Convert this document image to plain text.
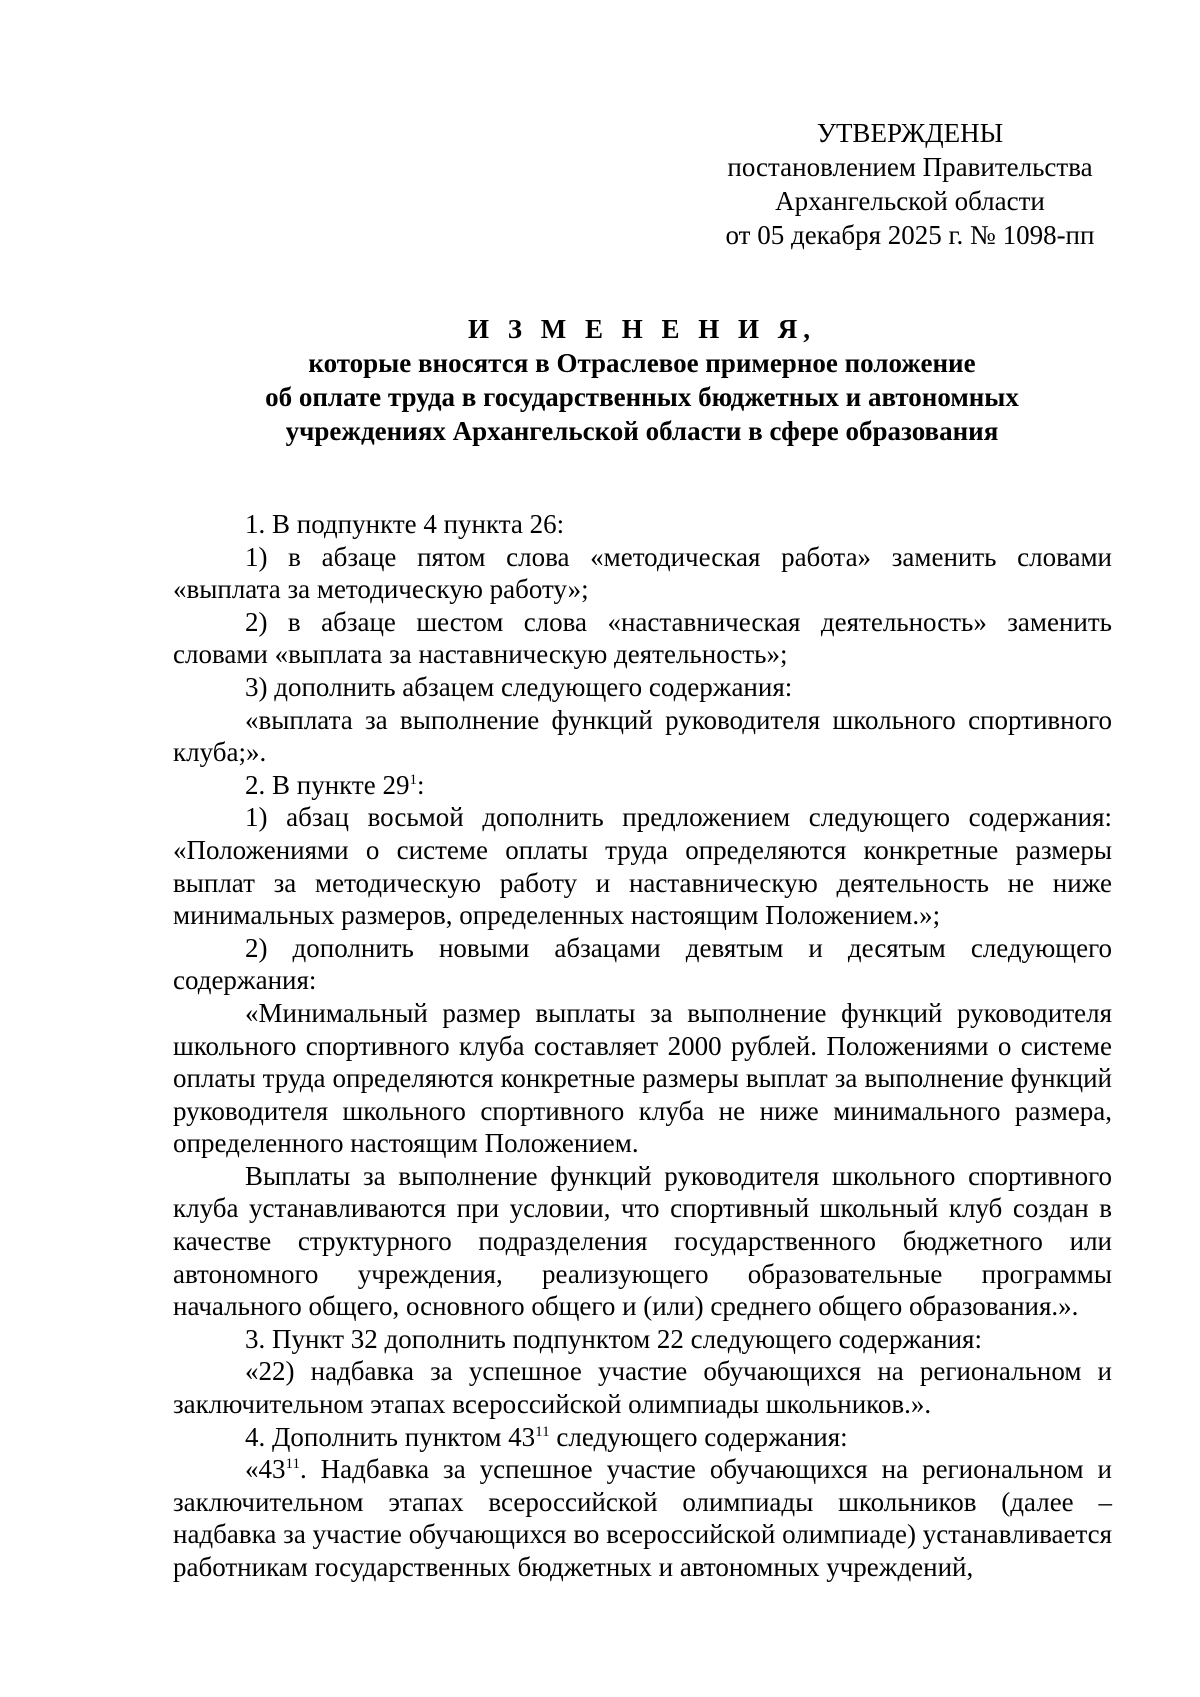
УТВЕРЖДЕНЫ
постановлением Правительства
Архангельской области
от 05 декабря 2025 г. № 1098-пп
И З М Е Н Е Н И Я,
которые вносятся в Отраслевое примерное положение
об оплате труда в государственных бюджетных и автономных
учреждениях Архангельской области в сфере образования

1. В подпункте 4 пункта 26:

1) в абзаце пятом слова «методическая работа» заменить словами «выплата за методическую работу»;

2) в абзаце шестом слова «наставническая деятельность» заменить словами «выплата за наставническую деятельность»;

3) дополнить абзацем следующего содержания:

«выплата за выполнение функций руководителя школьного спортивного клуба;».

2. В пункте $29^1$:

1) абзац восьмой дополнить предложением следующего содержания: «Положениями о системе оплаты труда определяются конкретные размеры выплат за методическую работу и наставническую деятельность не ниже минимальных размеров, определенных настоящим Положением.»;

2) дополнить новыми абзацами девятым и десятым следующего содержания:

«Минимальный размер выплаты за выполнение функций руководителя школьного спортивного клуба составляет 2000 рублей. Положениями о системе оплаты труда определяются конкретные размеры выплат за выполнение функций руководителя школьного спортивного клуба не ниже минимального размера, определенного настоящим Положением.

Выплаты за выполнение функций руководителя школьного спортивного клуба устанавливаются при условии, что спортивный школьный клуб создан в качестве структурного подразделения государственного бюджетного или автономного учреждения, реализующего образовательные программы начального общего, основного общего и (или) среднего общего образования.».

3. Пункт 32 дополнить подпунктом 22 следующего содержания:

«22) надбавка за успешное участие обучающихся на региональном и заключительном этапах всероссийской олимпиады школьников.».

4. Дополнить пунктом $43^{11}$ следующего содержания:

«$43^{11}$. Надбавка за успешное участие обучающихся на региональном и заключительном этапах всероссийской олимпиады школьников (далее – надбавка за участие обучающихся во всероссийской олимпиаде) устанавливается работникам государственных бюджетных и автономных учреждений,
